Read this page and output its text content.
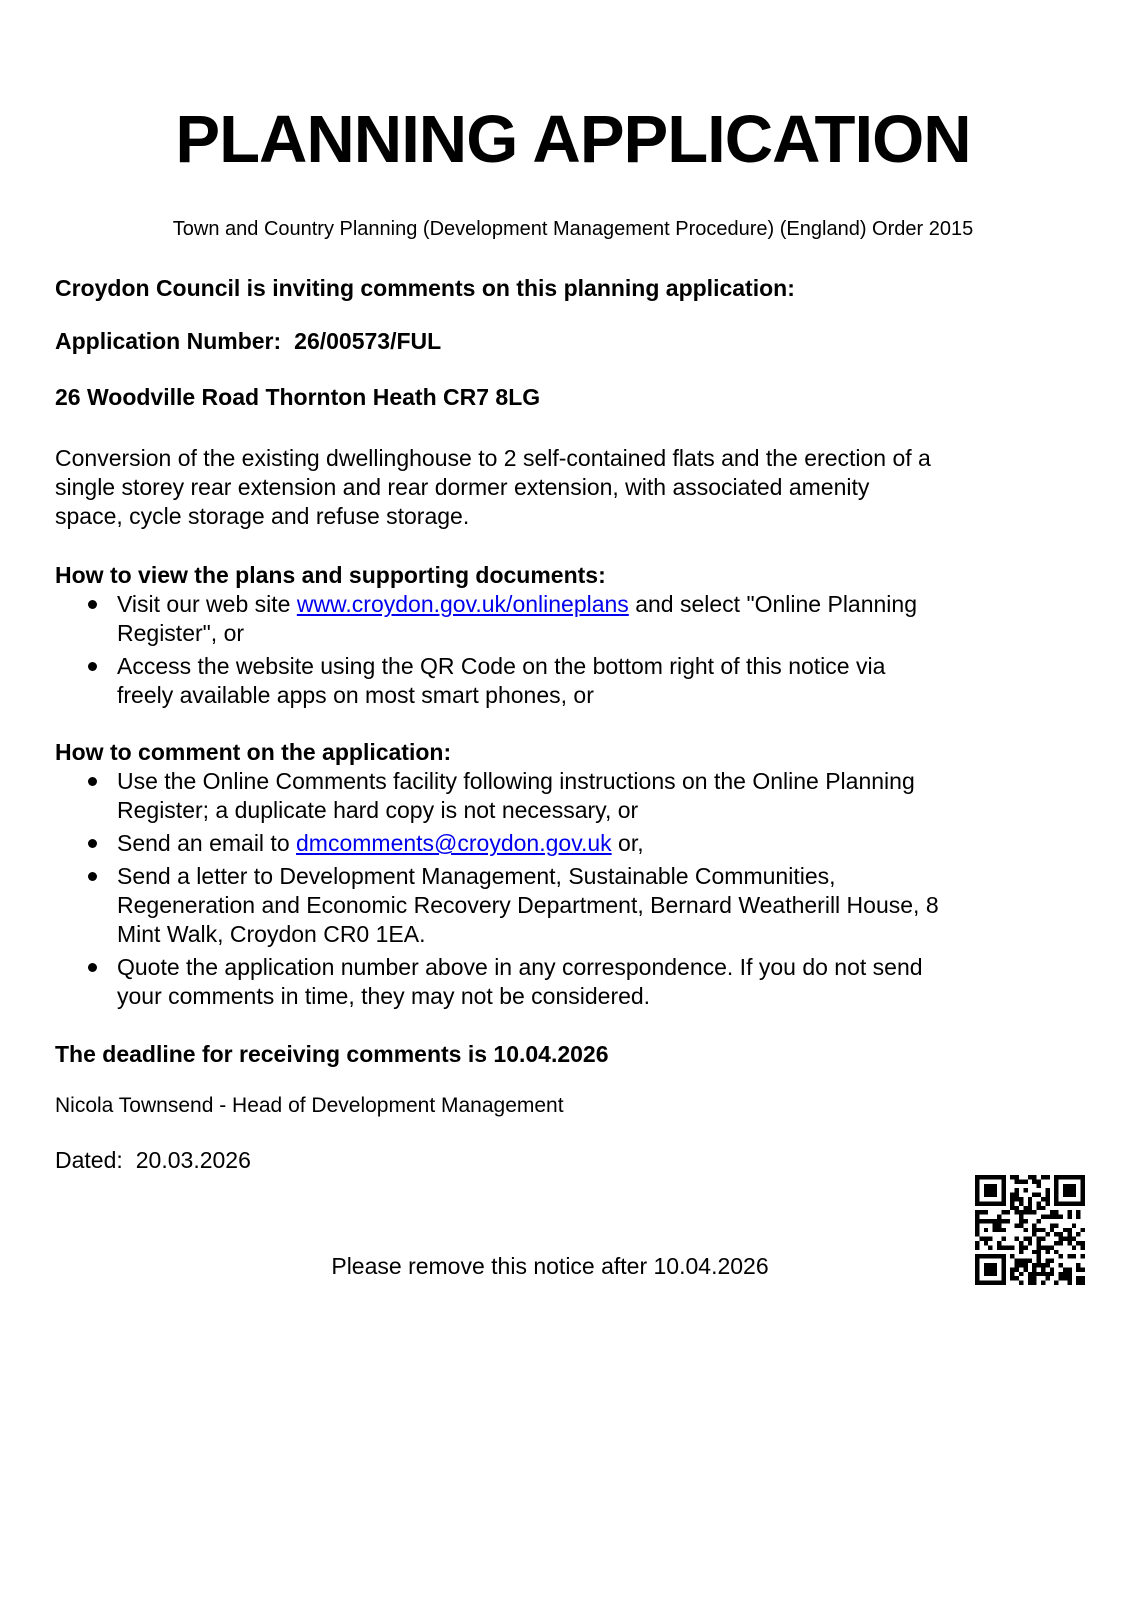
PLANNING APPLICATION
Town and Country Planning (Development Management Procedure) (England) Order 2015
Croydon Council is inviting comments on this planning application:
Application Number: 26/00573/FUL
26 Woodville Road Thornton Heath CR7 8LG
Conversion of the existing dwellinghouse to 2 self-contained flats and the erection of a
single storey rear extension and rear dormer extension, with associated amenity
space, cycle storage and refuse storage.
How to view the plans and supporting documents:
Visit our web site www.croydon.gov.uk/onlineplans and select "Online Planning
Register", or
Access the website using the QR Code on the bottom right of this notice via
freely available apps on most smart phones, or
How to comment on the application:
Use the Online Comments facility following instructions on the Online Planning
Register; a duplicate hard copy is not necessary, or
Send an email to dmcomments@croydon.gov.uk or,
Send a letter to Development Management, Sustainable Communities,
Regeneration and Economic Recovery Department, Bernard Weatherill House, 8
Mint Walk, Croydon CR0 1EA.
Quote the application number above in any correspondence. If you do not send
your comments in time, they may not be considered.
The deadline for receiving comments is 10.04.2026
Nicola Townsend - Head of Development Management
Dated: 20.03.2026
Please remove this notice after 10.04.2026
